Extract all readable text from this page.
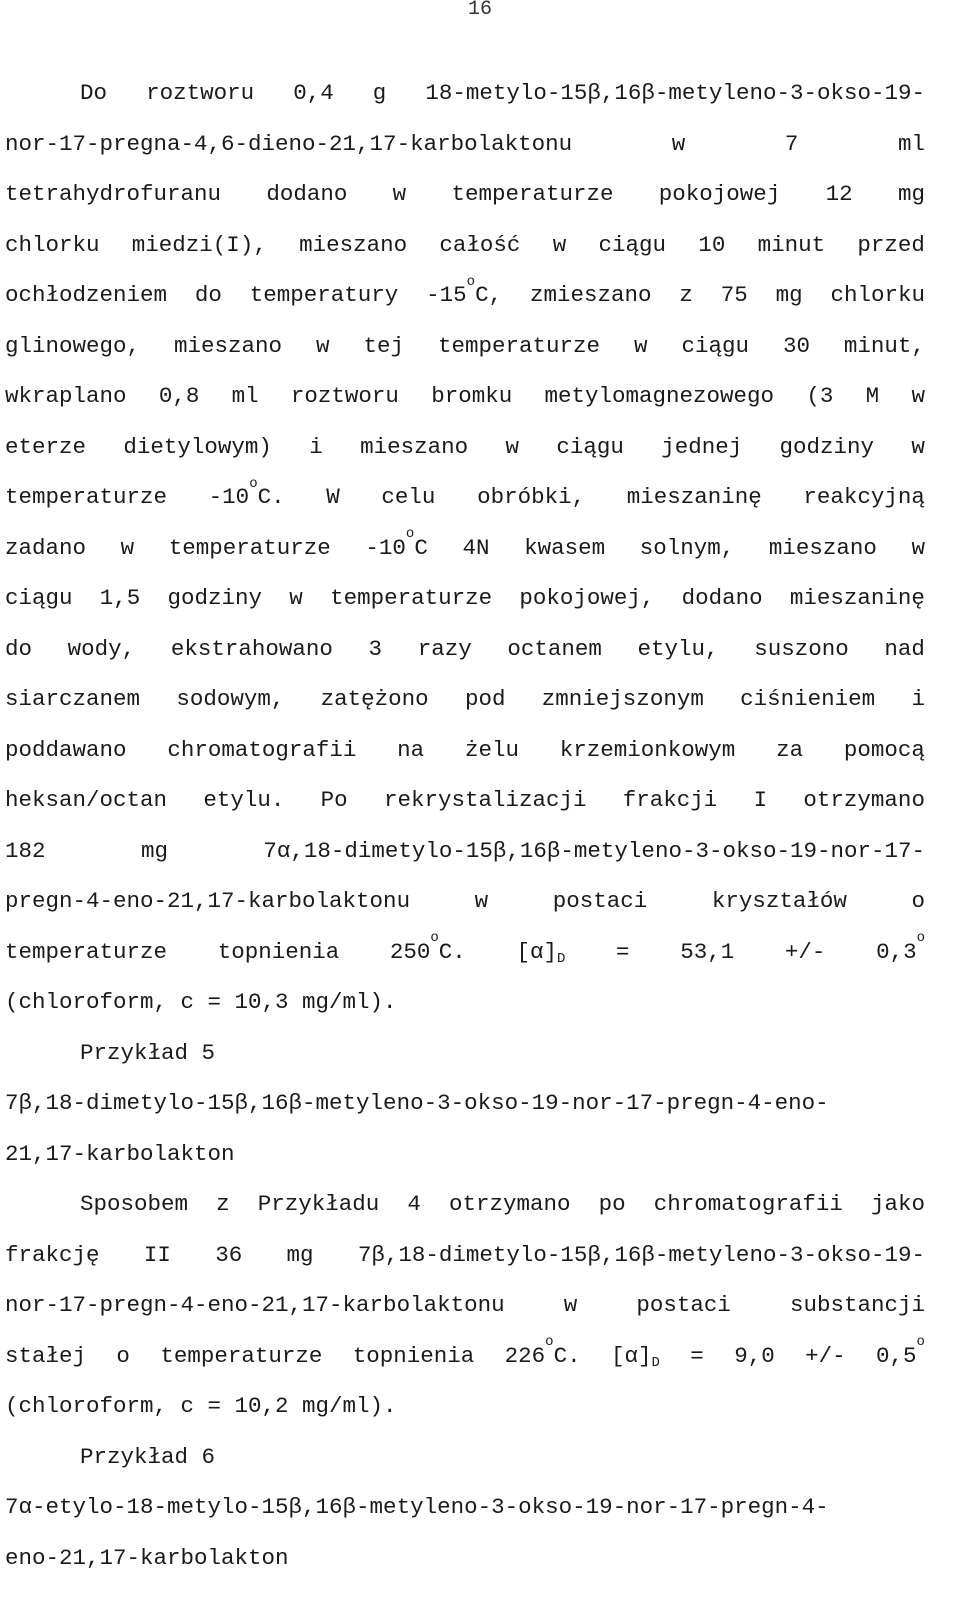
16
Do roztworu 0,4 g 18-metylo-15β,16β-metyleno-3-okso-19-
nor-17-pregna-4,6-dieno-21,17-karbolaktonu	w	7	ml
tetrahydrofuranu dodano w temperaturze pokojowej 12 mg
chlorku miedzi(I), mieszano całość w ciągu 10 minut przed
ochłodzeniem do temperatury -15$^o$C, zmieszano z 75 mg chlorku
glinowego, mieszano w tej temperaturze w ciągu 30 minut,
wkraplano 0,8 ml roztworu bromku metylomagnezowego (3 M w
eterze dietylowym) i mieszano w ciągu jednej godziny w
temperaturze -10$^o$C. W celu obróbki, mieszaninę reakcyjną
zadano w temperaturze -10$^o$C 4N kwasem solnym, mieszano w
ciągu 1,5 godziny w temperaturze pokojowej, dodano mieszaninę
do wody, ekstrahowano 3 razy octanem etylu, suszono nad
siarczanem sodowym, zatężono pod zmniejszonym ciśnieniem i
poddawano chromatografii na żelu krzemionkowym za pomocą
heksan/octan etylu. Po rekrystalizacji frakcji I otrzymano
182	mg	7α,18-dimetylo-15β,16β-metyleno-3-okso-19-nor-17-
pregn-4-eno-21,17-karbolaktonu	w	postaci	kryształów	o
temperaturze topnienia 250$^o$C. $[\alpha]_D = 53,1$ +/- 0,3$^o$
(chloroform, c = 10,3 mg/ml).
Przykład 5
7β,18-dimetylo-15β,16β-metyleno-3-okso-19-nor-17-pregn-4-eno-
21,17-karbolakton
Sposobem z Przykładu 4 otrzymano po chromatografii jako
frakcję II 36 mg 7β,18-dimetylo-15β,16β-metyleno-3-okso-19-
nor-17-pregn-4-eno-21,17-karbolaktonu	w	postaci	substancji
stałej o temperaturze topnienia 226$^o$C. $[\alpha]_D = 9,0$ +/- 0,5$^o$
(chloroform, c = 10,2 mg/ml).
Przykład 6
7α-etylo-18-metylo-15β,16β-metyleno-3-okso-19-nor-17-pregn-4-
eno-21,17-karbolakton
